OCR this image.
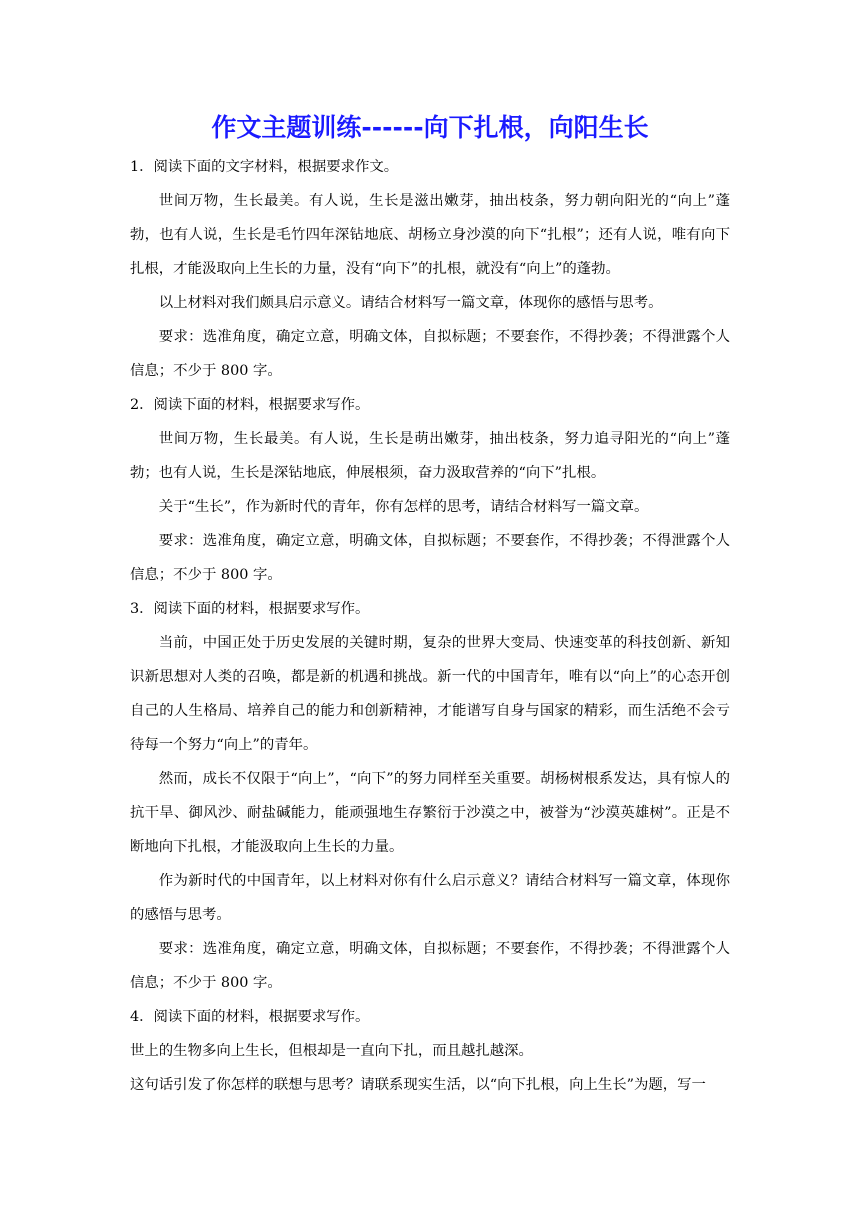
作文主题训练------向下扎根，向阳生长

1．阅读下面的文字材料，根据要求作文。

世间万物，生长最美。有人说，生长是滋出嫩芽，抽出枝条，努力朝向阳光的“向上”蓬勃，也有人说，生长是毛竹四年深钻地底、胡杨立身沙漠的向下“扎根”；还有人说，唯有向下扎根，才能汲取向上生长的力量，没有“向下”的扎根，就没有“向上”的蓬勃。

以上材料对我们颇具启示意义。请结合材料写一篇文章，体现你的感悟与思考。

要求：选准角度，确定立意，明确文体，自拟标题；不要套作，不得抄袭；不得泄露个人信息；不少于 800 字。

2．阅读下面的材料，根据要求写作。

世间万物，生长最美。有人说，生长是萌出嫩芽，抽出枝条，努力追寻阳光的“向上”蓬勃；也有人说，生长是深钻地底，伸展根须，奋力汲取营养的“向下”扎根。

关于“生长”，作为新时代的青年，你有怎样的思考，请结合材料写一篇文章。

要求：选准角度，确定立意，明确文体，自拟标题；不要套作，不得抄袭；不得泄露个人信息；不少于 800 字。

3．阅读下面的材料，根据要求写作。

当前，中国正处于历史发展的关键时期，复杂的世界大变局、快速变革的科技创新、新知识新思想对人类的召唤，都是新的机遇和挑战。新一代的中国青年，唯有以“向上”的心态开创自己的人生格局、培养自己的能力和创新精神，才能谱写自身与国家的精彩，而生活绝不会亏待每一个努力“向上”的青年。

然而，成长不仅限于“向上”，“向下”的努力同样至关重要。胡杨树根系发达，具有惊人的抗干旱、御风沙、耐盐碱能力，能顽强地生存繁衍于沙漠之中，被誉为“沙漠英雄树”。正是不断地向下扎根，才能汲取向上生长的力量。

作为新时代的中国青年，以上材料对你有什么启示意义？请结合材料写一篇文章，体现你的感悟与思考。

要求：选准角度，确定立意，明确文体，自拟标题；不要套作，不得抄袭；不得泄露个人信息；不少于 800 字。

4．阅读下面的材料，根据要求写作。

世上的生物多向上生长，但根却是一直向下扎，而且越扎越深。

这句话引发了你怎样的联想与思考？请联系现实生活，以“向下扎根，向上生长”为题，写一
